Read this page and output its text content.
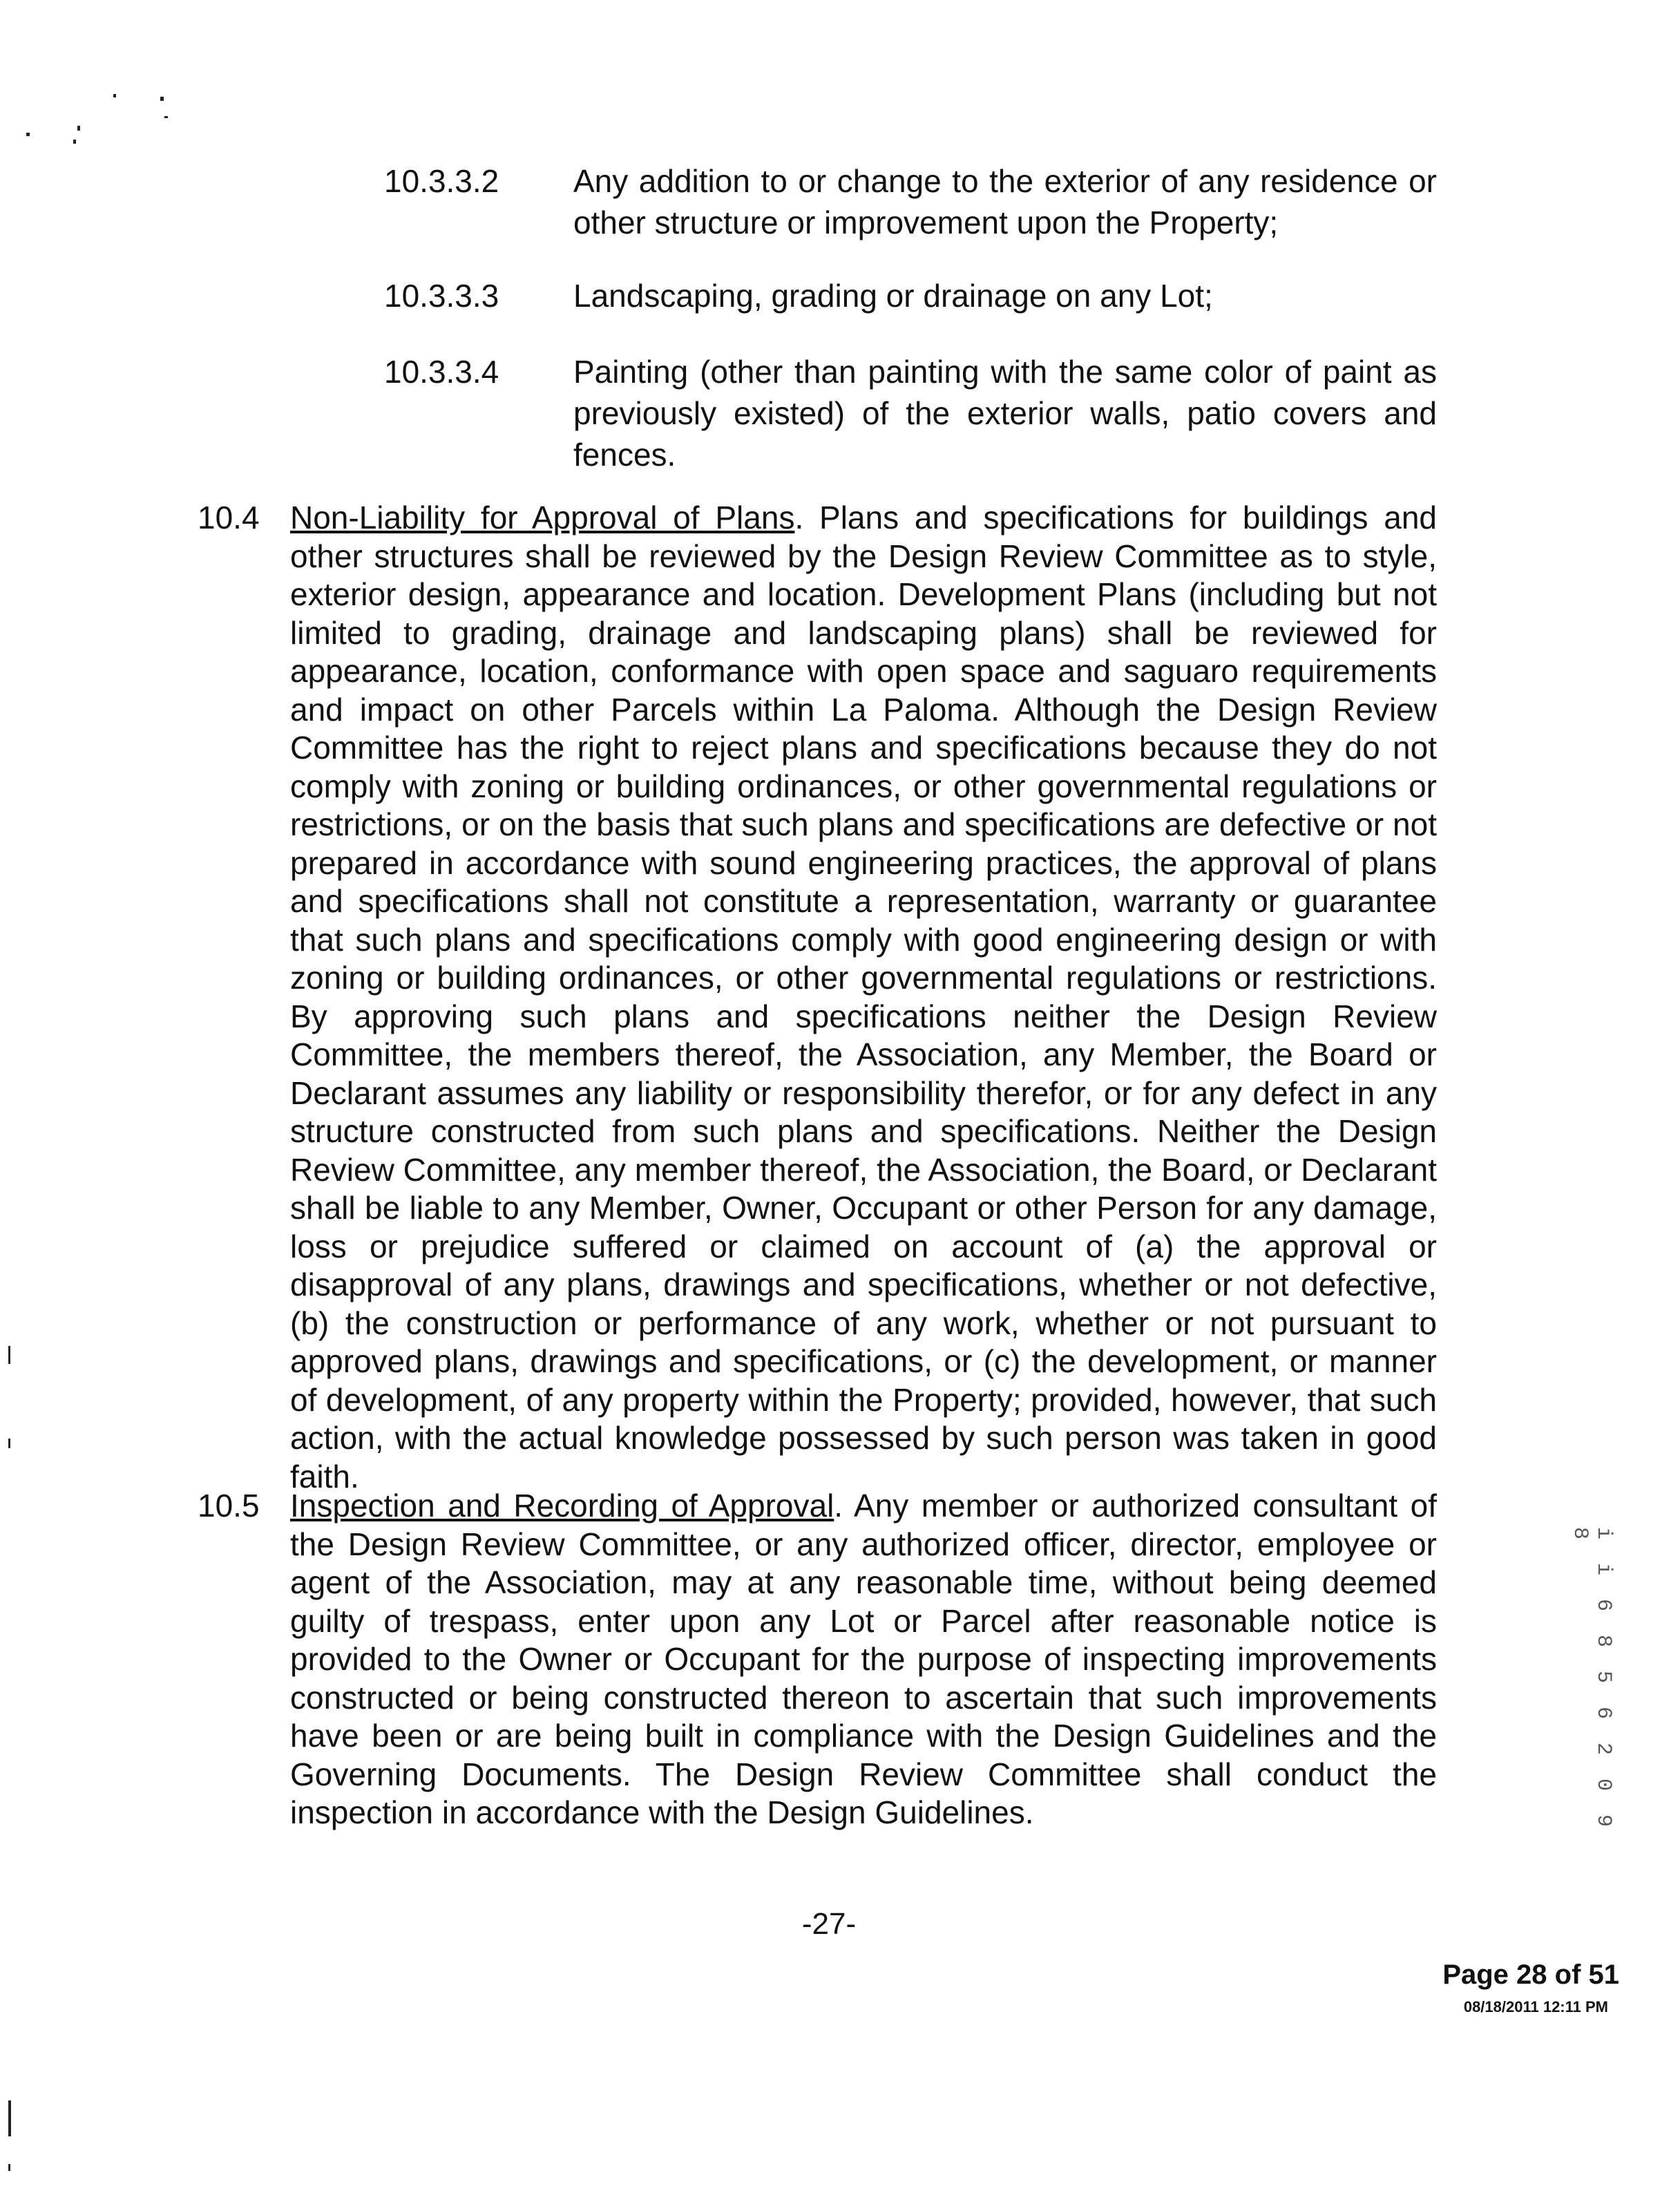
10.3.3.2 Any addition to or change to the exterior of any residence or other structure or improvement upon the Property;
10.3.3.3 Landscaping, grading or drainage on any Lot;
10.3.3.4 Painting (other than painting with the same color of paint as previously existed) of the exterior walls, patio covers and fences.
10.4 Non-Liability for Approval of Plans. Plans and specifications for buildings and other structures shall be reviewed by the Design Review Committee as to style, exterior design, appearance and location. Development Plans (including but not limited to grading, drainage and landscaping plans) shall be reviewed for appearance, location, conformance with open space and saguaro requirements and impact on other Parcels within La Paloma. Although the Design Review Committee has the right to reject plans and specifications because they do not comply with zoning or building ordinances, or other governmental regulations or restrictions, or on the basis that such plans and specifications are defective or not prepared in accordance with sound engineering practices, the approval of plans and specifications shall not constitute a representation, warranty or guarantee that such plans and specifications comply with good engineering design or with zoning or building ordinances, or other governmental regulations or restrictions. By approving such plans and specifications neither the Design Review Committee, the members thereof, the Association, any Member, the Board or Declarant assumes any liability or responsibility therefor, or for any defect in any structure constructed from such plans and specifications. Neither the Design Review Committee, any member thereof, the Association, the Board, or Declarant shall be liable to any Member, Owner, Occupant or other Person for any damage, loss or prejudice suffered or claimed on account of (a) the approval or disapproval of any plans, drawings and specifications, whether or not defective, (b) the construction or performance of any work, whether or not pursuant to approved plans, drawings and specifications, or (c) the development, or manner of development, of any property within the Property; provided, however, that such action, with the actual knowledge possessed by such person was taken in good faith.
10.5 Inspection and Recording of Approval. Any member or authorized consultant of the Design Review Committee, or any authorized officer, director, employee or agent of the Association, may at any reasonable time, without being deemed guilty of trespass, enter upon any Lot or Parcel after reasonable notice is provided to the Owner or Occupant for the purpose of inspecting improvements constructed or being constructed thereon to ascertain that such improvements have been or are being built in compliance with the Design Guidelines and the Governing Documents. The Design Review Committee shall conduct the inspection in accordance with the Design Guidelines.	i i 6 8 5 6 2 0 9 8
-27-
Page 28 of 51
08/18/2011 12:11 PM
